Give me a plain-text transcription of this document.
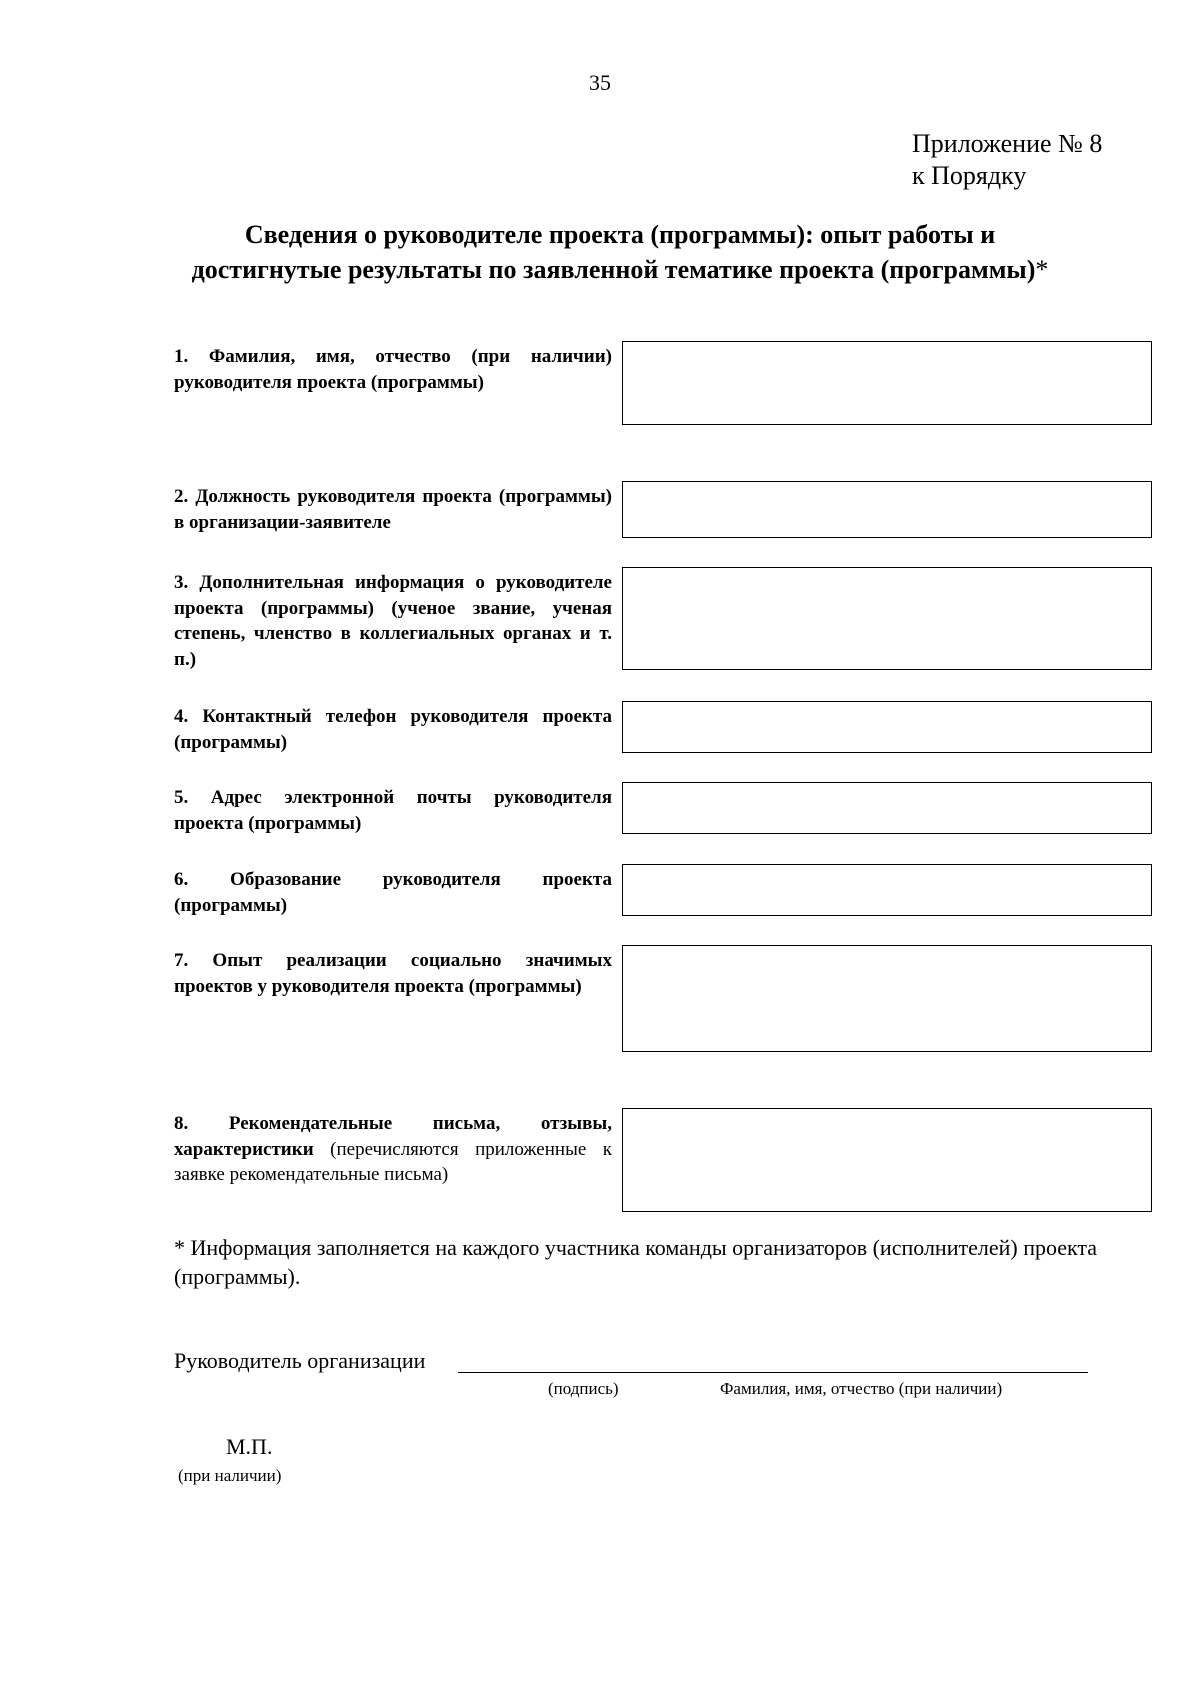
35
Приложение № 8
к Порядку
Сведения о руководителе проекта (программы): опыт работы и
достигнутые результаты по заявленной тематике проекта (программы)*
1. Фамилия, имя, отчество (при наличии) руководителя проекта (программы)
2. Должность руководителя проекта (программы) в организации-заявителе
3. Дополнительная информация о руководителе проекта (программы) (ученое звание, ученая степень, членство в коллегиальных органах и т. п.)
4. Контактный телефон руководителя проекта (программы)
5. Адрес электронной почты руководителя проекта (программы)
6. Образование руководителя проекта (программы)
7. Опыт реализации социально значимых проектов у руководителя проекта (программы)
8. Рекомендательные письма, отзывы, характеристики (перечисляются приложенные к заявке рекомендательные письма)
* Информация заполняется на каждого участника команды организаторов (исполнителей) проекта (программы).
Руководитель организации
(подпись)	Фамилия, имя, отчество (при наличии)
М.П.
(при наличии)
